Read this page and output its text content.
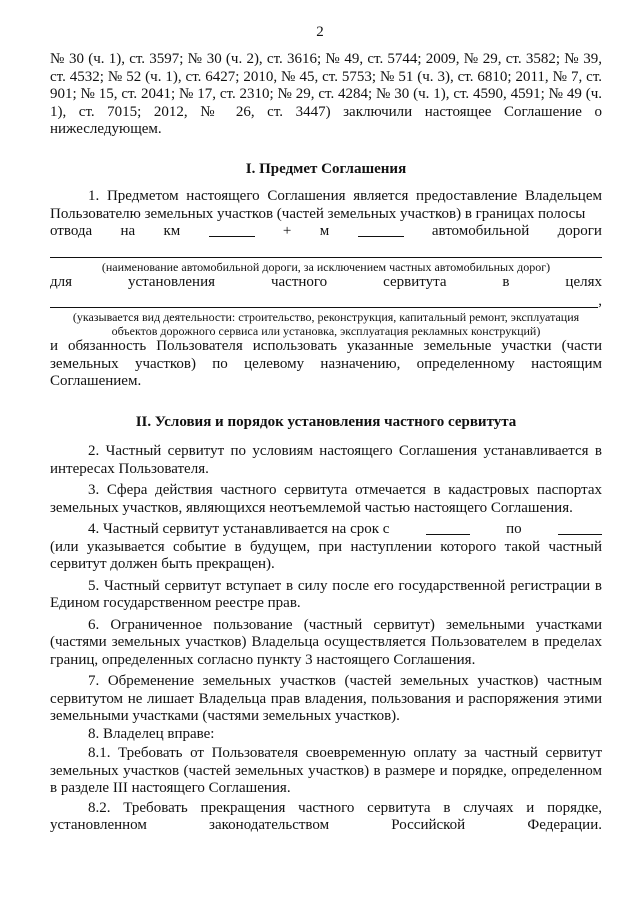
2

№ 30 (ч. 1), ст. 3597; № 30 (ч. 2), ст. 3616; № 49, ст. 5744; 2009, № 29, ст. 3582; № 39, ст. 4532; № 52 (ч. 1), ст. 6427; 2010, № 45, ст. 5753; № 51 (ч. 3), ст. 6810; 2011, № 7, ст. 901; № 15, ст. 2041; № 17, ст. 2310; № 29, ст. 4284; № 30 (ч. 1), ст. 4590, 4591; № 49 (ч. 1), ст. 7015; 2012, № 26, ст. 3447) заключили настоящее Соглашение о нижеследующем.

I. Предмет Соглашения

1. Предметом настоящего Соглашения является предоставление Владельцем Пользователю земельных участков (частей земельных участков) в границах полосы

отвода на км	+ м	автомобильной дороги
(наименование автомобильной дороги, за исключением частных автомобильных дорог)
для	установления	частного	сервитута	в	целях
,
(указывается вид деятельности: строительство, реконструкция, капитальный ремонт, эксплуатация объектов дорожного сервиса или установка, эксплуатация рекламных конструкций)

и обязанность Пользователя использовать указанные земельные участки (части земельных участков) по целевому назначению, определенному настоящим Соглашением.

II. Условия и порядок установления частного сервитута

2. Частный сервитут по условиям настоящего Соглашения устанавливается в интересах Пользователя.

3. Сфера действия частного сервитута отмечается в кадастровых паспортах земельных участков, являющихся неотъемлемой частью настоящего Соглашения.

4. Частный сервитут устанавливается на срок с	по

(или указывается событие в будущем, при наступлении которого такой частный сервитут должен быть прекращен).

5. Частный сервитут вступает в силу после его государственной регистрации в Едином государственном реестре прав.

6. Ограниченное пользование (частный сервитут) земельными участками (частями земельных участков) Владельца осуществляется Пользователем в пределах границ, определенных согласно пункту 3 настоящего Соглашения.

7. Обременение земельных участков (частей земельных участков) частным сервитутом не лишает Владельца прав владения, пользования и распоряжения этими земельными участками (частями земельных участков).

8. Владелец вправе:

8.1. Требовать от Пользователя своевременную оплату за частный сервитут земельных участков (частей земельных участков) в размере и порядке, определенном в разделе III настоящего Соглашения.

8.2. Требовать прекращения частного сервитута в случаях и порядке, установленном законодательством Российской Федерации.
